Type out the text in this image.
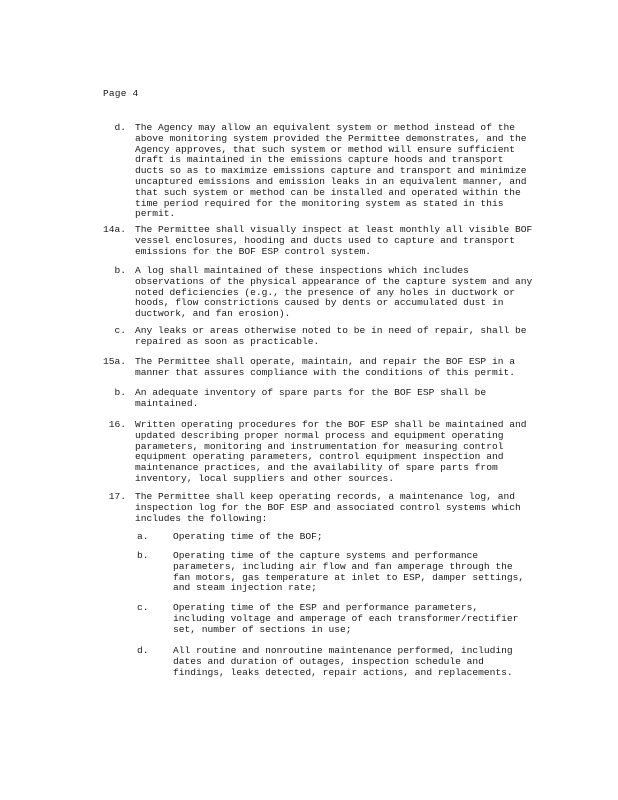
Page 4
d. The Agency may allow an equivalent system or method instead of the above monitoring system provided the Permittee demonstrates, and the Agency approves, that such system or method will ensure sufficient draft is maintained in the emissions capture hoods and transport ducts so as to maximize emissions capture and transport and minimize uncaptured emissions and emission leaks in an equivalent manner, and that such system or method can be installed and operated within the time period required for the monitoring system as stated in this permit.
14a. The Permittee shall visually inspect at least monthly all visible BOF vessel enclosures, hooding and ducts used to capture and transport emissions for the BOF ESP control system.
b. A log shall maintained of these inspections which includes observations of the physical appearance of the capture system and any noted deficiencies (e.g., the presence of any holes in ductwork or hoods, flow constrictions caused by dents or accumulated dust in ductwork, and fan erosion).
c. Any leaks or areas otherwise noted to be in need of repair, shall be repaired as soon as practicable.
15a. The Permittee shall operate, maintain, and repair the BOF ESP in a manner that assures compliance with the conditions of this permit.
b. An adequate inventory of spare parts for the BOF ESP shall be maintained.
16. Written operating procedures for the BOF ESP shall be maintained and updated describing proper normal process and equipment operating parameters, monitoring and instrumentation for measuring control equipment operating parameters, control equipment inspection and maintenance practices, and the availability of spare parts from inventory, local suppliers and other sources.
17. The Permittee shall keep operating records, a maintenance log, and inspection log for the BOF ESP and associated control systems which includes the following:
a.	Operating time of the BOF;
b.	Operating time of the capture systems and performance parameters, including air flow and fan amperage through the fan motors, gas temperature at inlet to ESP, damper settings, and steam injection rate;
c.	Operating time of the ESP and performance parameters, including voltage and amperage of each transformer/rectifier set, number of sections in use;
d.	All routine and nonroutine maintenance performed, including dates and duration of outages, inspection schedule and findings, leaks detected, repair actions, and replacements.
